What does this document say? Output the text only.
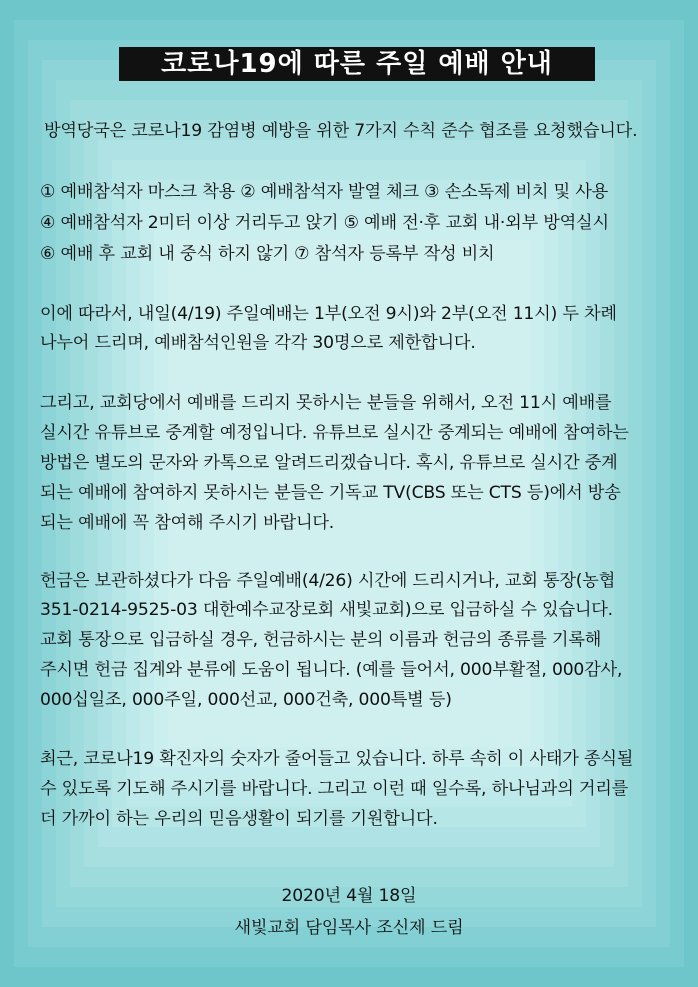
코로나19에 따른 주일 예배 안내
방역당국은 코로나19 감염병 예방을 위한 7가지 수칙 준수 협조를 요청했습니다.
① 예배참석자 마스크 착용 ② 예배참석자 발열 체크 ③ 손소독제 비치 및 사용
④ 예배참석자 2미터 이상 거리두고 앉기 ⑤ 예배 전·후 교회 내·외부 방역실시
⑥ 예배 후 교회 내 중식 하지 않기 ⑦ 참석자 등록부 작성 비치
이에 따라서, 내일(4/19) 주일예배는 1부(오전 9시)와 2부(오전 11시) 두 차례
나누어 드리며, 예배참석인원을 각각 30명으로 제한합니다.
그리고, 교회당에서 예배를 드리지 못하시는 분들을 위해서, 오전 11시 예배를
실시간 유튜브로 중계할 예정입니다. 유튜브로 실시간 중계되는 예배에 참여하는
방법은 별도의 문자와 카톡으로 알려드리겠습니다. 혹시, 유튜브로 실시간 중계
되는 예배에 참여하지 못하시는 분들은 기독교 TV(CBS 또는 CTS 등)에서 방송
되는 예배에 꼭 참여해 주시기 바랍니다.
헌금은 보관하셨다가 다음 주일예배(4/26) 시간에 드리시거나, 교회 통장(농협
351-0214-9525-03 대한예수교장로회 새빛교회)으로 입금하실 수 있습니다.
교회 통장으로 입금하실 경우, 헌금하시는 분의 이름과 헌금의 종류를 기록해
주시면 헌금 집계와 분류에 도움이 됩니다. (예를 들어서, 000부활절, 000감사,
000십일조, 000주일, 000선교, 000건축, 000특별 등)
최근, 코로나19 확진자의 숫자가 줄어들고 있습니다. 하루 속히 이 사태가 종식될
수 있도록 기도해 주시기를 바랍니다. 그리고 이런 때 일수록, 하나님과의 거리를
더 가까이 하는 우리의 믿음생활이 되기를 기원합니다.
2020년 4월 18일
새빛교회 담임목사 조신제 드림
